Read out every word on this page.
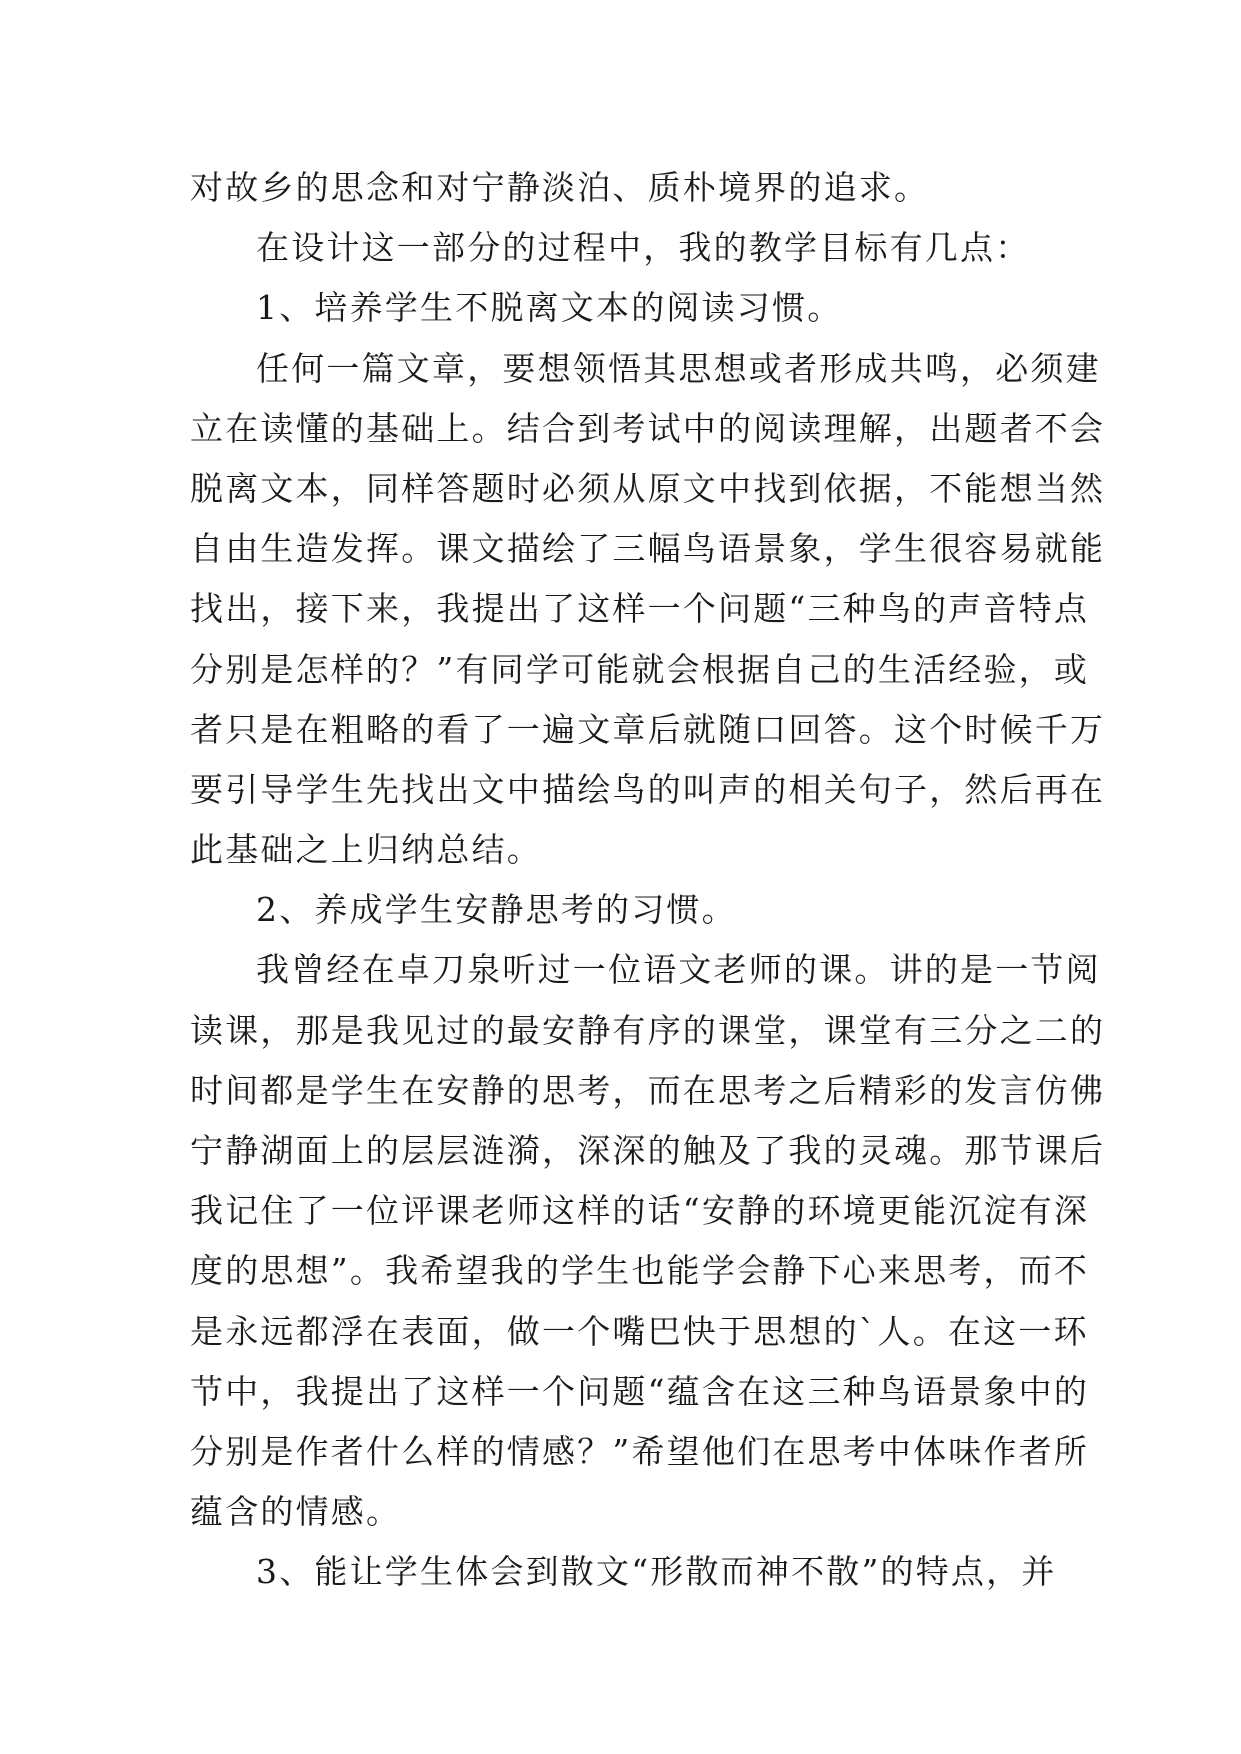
对故乡的思念和对宁静淡泊、质朴境界的追求。
在设计这一部分的过程中，我的教学目标有几点：
1、培养学生不脱离文本的阅读习惯。
任何一篇文章，要想领悟其思想或者形成共鸣，必须建
立在读懂的基础上。结合到考试中的阅读理解，出题者不会
脱离文本，同样答题时必须从原文中找到依据，不能想当然
自由生造发挥。课文描绘了三幅鸟语景象，学生很容易就能
找出，接下来，我提出了这样一个问题“三种鸟的声音特点
分别是怎样的？”有同学可能就会根据自己的生活经验，或
者只是在粗略的看了一遍文章后就随口回答。这个时候千万
要引导学生先找出文中描绘鸟的叫声的相关句子，然后再在
此基础之上归纳总结。
2、养成学生安静思考的习惯。
我曾经在卓刀泉听过一位语文老师的课。讲的是一节阅
读课，那是我见过的最安静有序的课堂，课堂有三分之二的
时间都是学生在安静的思考，而在思考之后精彩的发言仿佛
宁静湖面上的层层涟漪，深深的触及了我的灵魂。那节课后
我记住了一位评课老师这样的话“安静的环境更能沉淀有深
度的思想”。我希望我的学生也能学会静下心来思考，而不
是永远都浮在表面，做一个嘴巴快于思想的`人。在这一环
节中，我提出了这样一个问题“蕴含在这三种鸟语景象中的
分别是作者什么样的情感？”希望他们在思考中体味作者所
蕴含的情感。
3、能让学生体会到散文“形散而神不散”的特点，并
